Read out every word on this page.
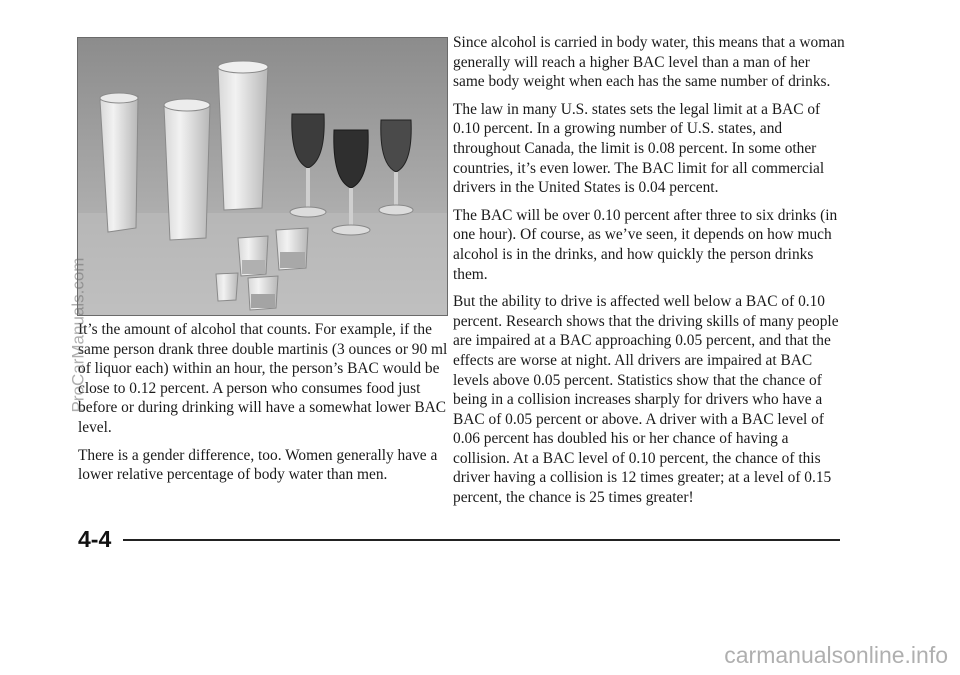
It’s the amount of alcohol that counts. For example, if the same person drank three double martinis (3 ounces or 90 ml of liquor each) within an hour, the person’s BAC would be close to 0.12 percent. A person who consumes food just before or during drinking will have a somewhat lower BAC level.

There is a gender difference, too. Women generally have a lower relative percentage of body water than men.

Since alcohol is carried in body water, this means that a woman generally will reach a higher BAC level than a man of her same body weight when each has the same number of drinks.

The law in many U.S. states sets the legal limit at a BAC of 0.10 percent. In a growing number of U.S. states, and throughout Canada, the limit is 0.08 percent. In some other countries, it’s even lower. The BAC limit for all commercial drivers in the United States is 0.04 percent.

The BAC will be over 0.10 percent after three to six drinks (in one hour). Of course, as we’ve seen, it depends on how much alcohol is in the drinks, and how quickly the person drinks them.

But the ability to drive is affected well below a BAC of 0.10 percent. Research shows that the driving skills of many people are impaired at a BAC approaching 0.05 percent, and that the effects are worse at night. All drivers are impaired at BAC levels above 0.05 percent. Statistics show that the chance of being in a collision increases sharply for drivers who have a BAC of 0.05 percent or above. A driver with a BAC level of 0.06 percent has doubled his or her chance of having a collision. At a BAC level of 0.10 percent, the chance of this driver having a collision is 12 times greater; at a level of 0.15 percent, the chance is 25 times greater!

4-4
ProCarManuals.com
carmanualsonline.info
